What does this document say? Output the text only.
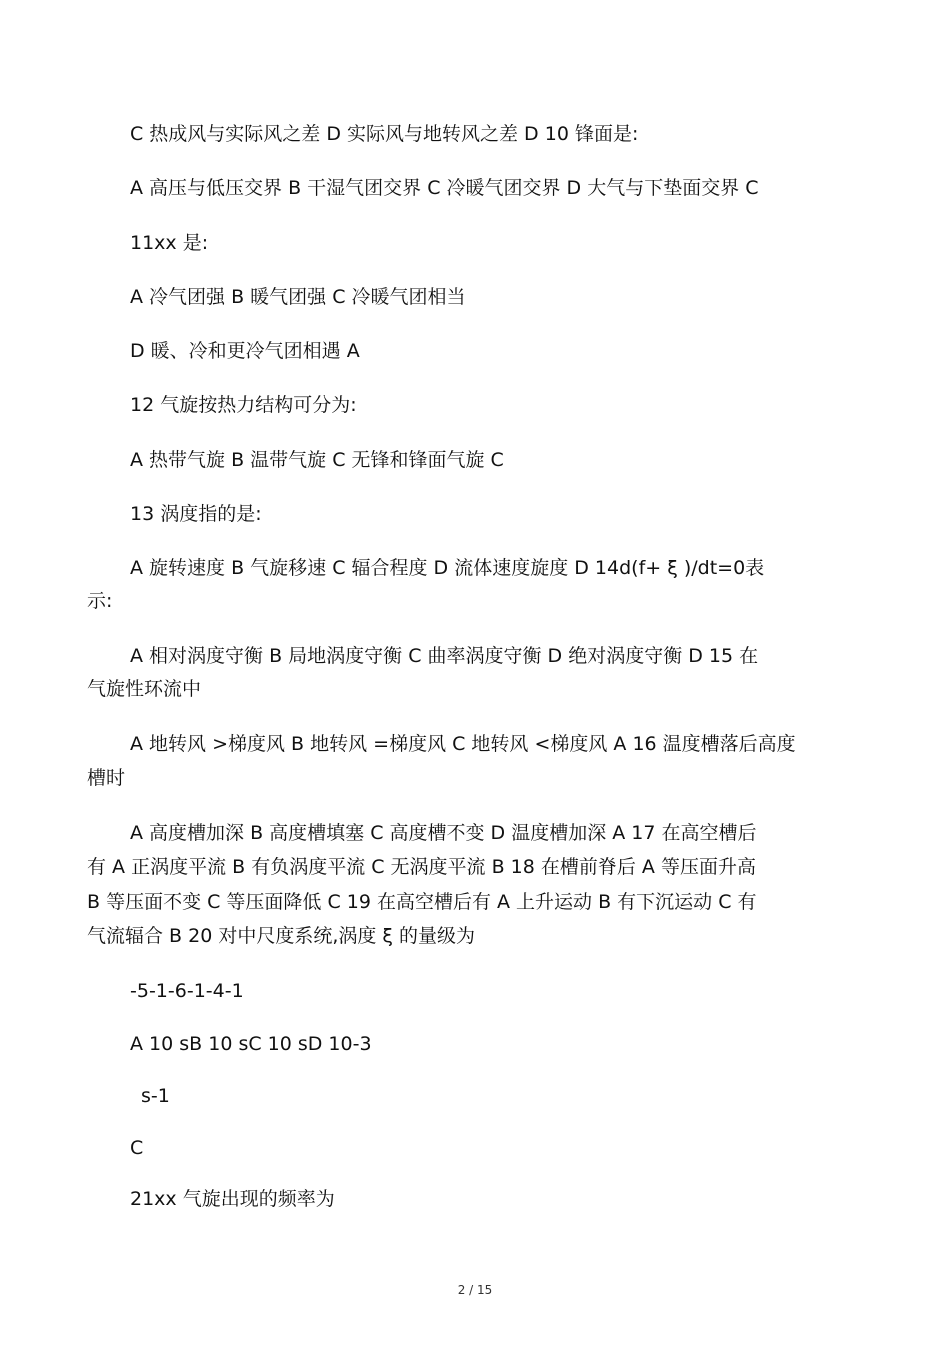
C 热成风与实际风之差 D 实际风与地转风之差 D 10 锋面是:
A 高压与低压交界 B 干湿气团交界 C 冷暖气团交界 D 大气与下垫面交界 C
11xx 是:
A 冷气团强 B 暖气团强 C 冷暖气团相当
D 暖、冷和更冷气团相遇 A
12 气旋按热力结构可分为:
A 热带气旋 B 温带气旋 C 无锋和锋面气旋 C
13 涡度指的是:
A 旋转速度 B 气旋移速 C 辐合程度 D 流体速度旋度 D 14d(f+ ξ )/dt=0表
示:
A 相对涡度守衡 B 局地涡度守衡 C 曲率涡度守衡 D 绝对涡度守衡 D 15 在
气旋性环流中
A 地转风 >梯度风 B 地转风 =梯度风 C 地转风 <梯度风 A 16 温度槽落后高度
槽时
A 高度槽加深 B 高度槽填塞 C 高度槽不变 D 温度槽加深 A 17 在高空槽后
有 A 正涡度平流 B 有负涡度平流 C 无涡度平流 B 18 在槽前脊后 A 等压面升高
B 等压面不变 C 等压面降低 C 19 在高空槽后有 A 上升运动 B 有下沉运动 C 有
气流辐合 B 20 对中尺度系统,涡度 ξ 的量级为
-5-1-6-1-4-1
A 10 sB 10 sC 10 sD 10-3
s-1
C
21xx 气旋出现的频率为
2 / 15
